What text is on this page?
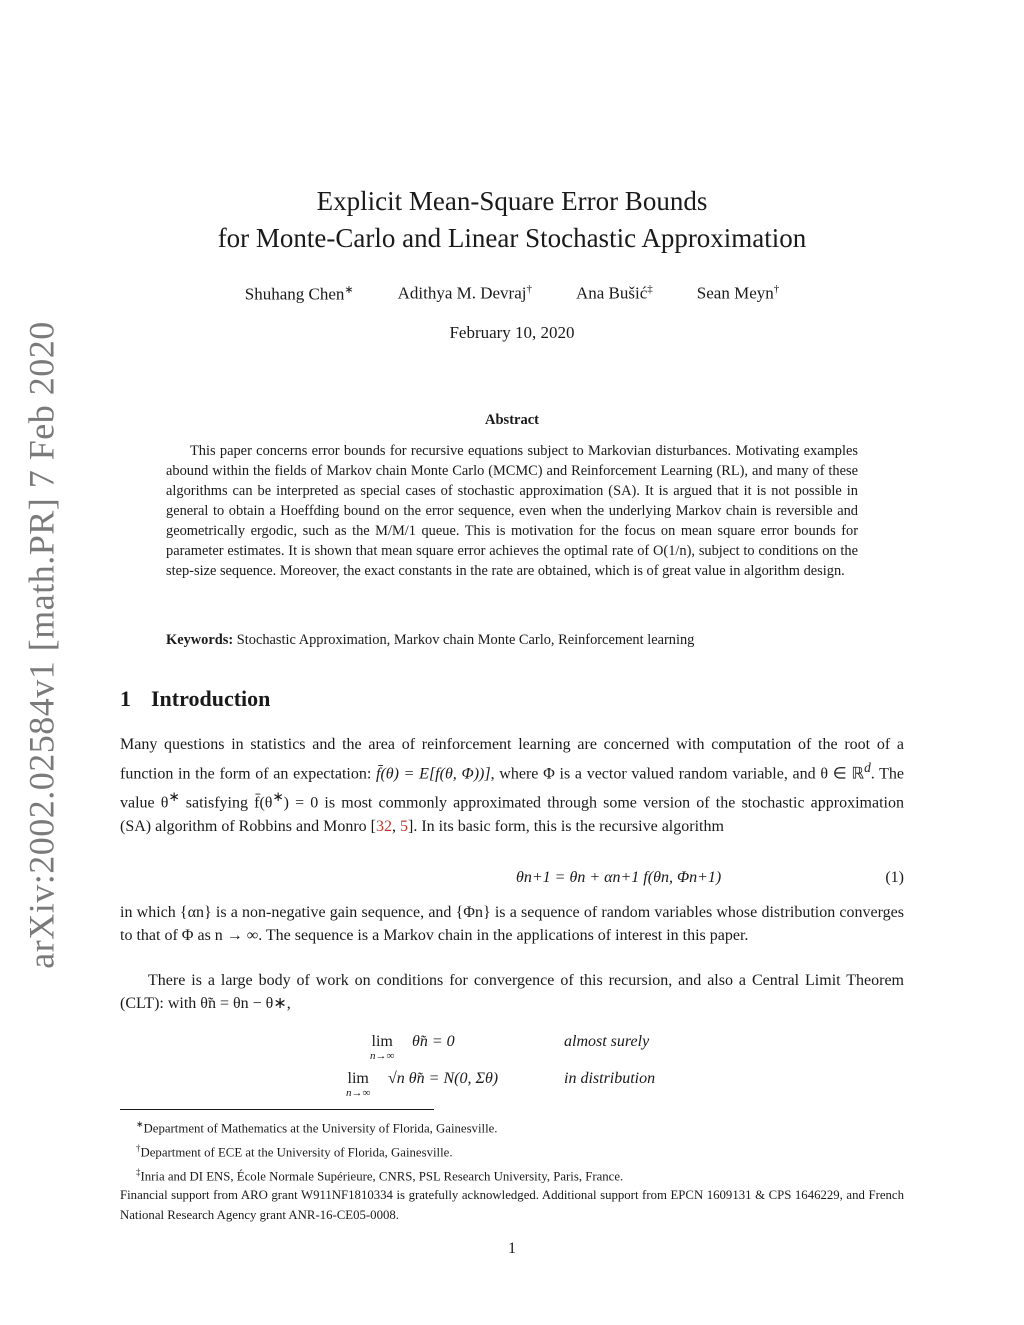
arXiv:2002.02584v1 [math.PR] 7 Feb 2020
Explicit Mean-Square Error Bounds
for Monte-Carlo and Linear Stochastic Approximation
Shuhang Chen∗	Adithya M. Devraj†	Ana Bušić‡	Sean Meyn†
February 10, 2020
Abstract

This paper concerns error bounds for recursive equations subject to Markovian disturbances. Motivating examples abound within the fields of Markov chain Monte Carlo (MCMC) and Reinforcement Learning (RL), and many of these algorithms can be interpreted as special cases of stochastic approximation (SA). It is argued that it is not possible in general to obtain a Hoeffding bound on the error sequence, even when the underlying Markov chain is reversible and geometrically ergodic, such as the M/M/1 queue. This is motivation for the focus on mean square error bounds for parameter estimates. It is shown that mean square error achieves the optimal rate of O(1/n), subject to conditions on the step-size sequence. Moreover, the exact constants in the rate are obtained, which is of great value in algorithm design.

Keywords: Stochastic Approximation, Markov chain Monte Carlo, Reinforcement learning
1 Introduction

Many questions in statistics and the area of reinforcement learning are concerned with computation of the root of a function in the form of an expectation: f̄(θ) = E[f(θ, Φ))], where Φ is a vector valued random variable, and θ ∈ ℝ$^d$. The value θ∗ satisfying f̄(θ∗) = 0 is most commonly approximated through some version of the stochastic approximation (SA) algorithm of Robbins and Monro [32, 5]. In its basic form, this is the recursive algorithm

θn+1 = θn + αn+1 f(θn, Φn+1)	(1)

in which {αn} is a non-negative gain sequence, and {Φn} is a sequence of random variables whose distribution converges to that of Φ as n → ∞. The sequence is a Markov chain in the applications of interest in this paper.

There is a large body of work on conditions for convergence of this recursion, and also a Central Limit Theorem (CLT): with θ̃n = θn − θ∗,

lim
n→∞
θ̃n = 0	almost surely
lim
n→∞
√n θ̃n = N(0, Σθ)	in distribution

∗Department of Mathematics at the University of Florida, Gainesville.

†Department of ECE at the University of Florida, Gainesville.

‡Inria and DI ENS, École Normale Supérieure, CNRS, PSL Research University, Paris, France.

Financial support from ARO grant W911NF1810334 is gratefully acknowledged. Additional support from EPCN 1609131 & CPS 1646229, and French National Research Agency grant ANR-16-CE05-0008.

1
